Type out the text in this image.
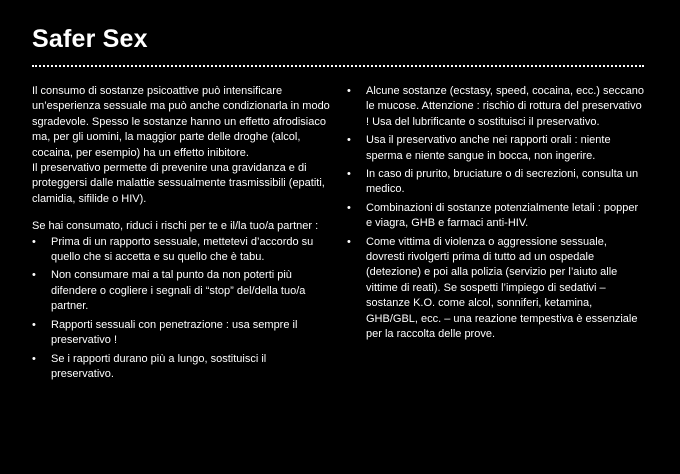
Safer Sex

Il consumo di sostanze psicoattive può intensificare un’esperienza sessuale ma può anche condizionarla in modo sgradevole. Spesso le sostanze hanno un effetto afrodisiaco ma, per gli uomini, la maggior parte delle droghe (alcol, cocaina, per esempio) ha un effetto inibitore.

Il preservativo permette di prevenire una gravidanza e di proteggersi dalle malattie sessualmente trasmissibili (epatiti, clamidia, sifilide o HIV).

Se hai consumato, riduci i rischi per te e il/la tuo/a partner :

•	Prima di un rapporto sessuale, mettetevi d’accordo su quello che si accetta e su quello che è tabu.
•	Non consumare mai a tal punto da non poterti più difendere o cogliere i segnali di “stop” del/della tuo/a partner.
•	Rapporti sessuali con penetrazione : usa sempre il preservativo !
•	Se i rapporti durano più a lungo, sostituisci il preservativo.
•	Alcune sostanze (ecstasy, speed, cocaina, ecc.) seccano le mucose. Attenzione : rischio di rottura del preservativo ! Usa del lubrificante o sostituisci il preservativo.
•	Usa il preservativo anche nei rapporti orali : niente sperma e niente sangue in bocca, non ingerire.
•	In caso di prurito, bruciature o di secrezioni, consulta un medico.
•	Combinazioni di sostanze potenzialmente letali : popper e viagra, GHB e farmaci anti-HIV.
•	Come vittima di violenza o aggressione sessuale, dovresti rivolgerti prima di tutto ad un ospedale (detezione) e poi alla polizia (servizio per l’aiuto alle vittime di reati). Se sospetti l’impiego di sedativi – sostanze K.O. come alcol, sonniferi, ketamina, GHB/GBL, ecc. – una reazione tempestiva è essenziale per la raccolta delle prove.
